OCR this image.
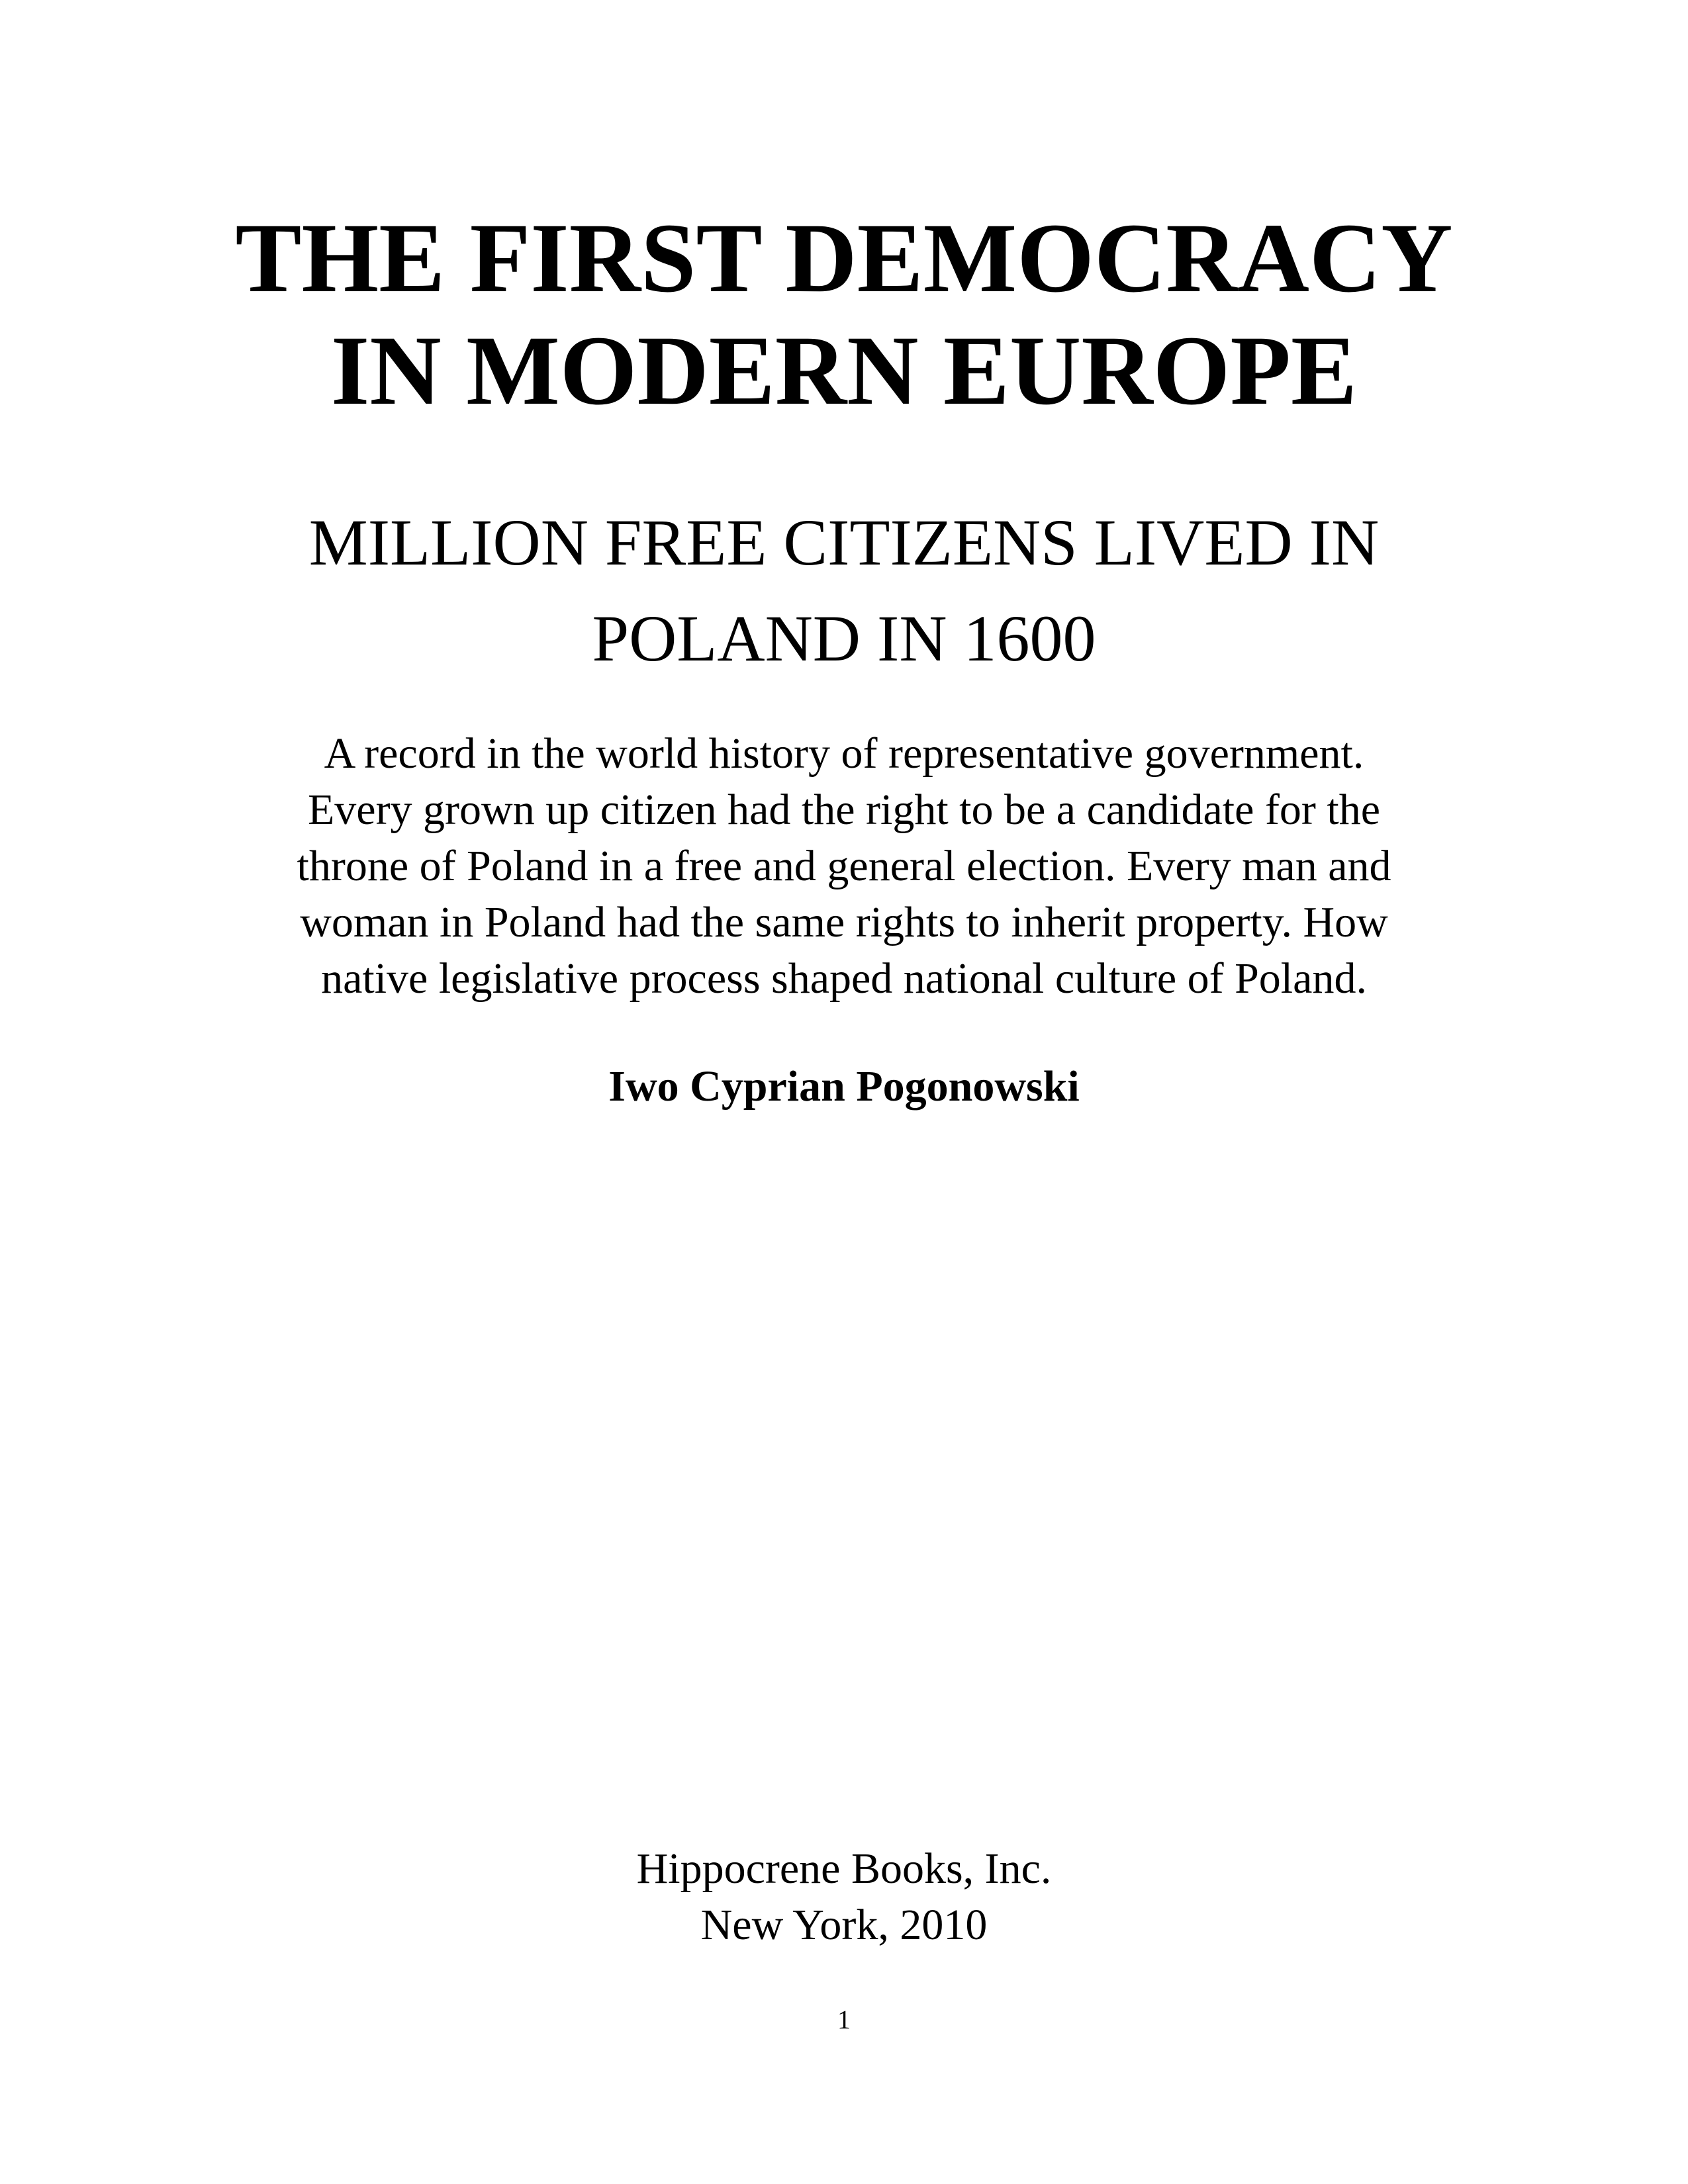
THE FIRST DEMOCRACY
IN MODERN EUROPE
MILLION FREE CITIZENS LIVED IN
POLAND IN 1600

A record in the world history of representative government.

Every grown up citizen had the right to be a candidate for the

throne of Poland in a free and general election. Every man and

woman in Poland had the same rights to inherit property. How

native legislative process shaped national culture of Poland.

Iwo Cyprian Pogonowski

Hippocrene Books, Inc.

New York, 2010

1
